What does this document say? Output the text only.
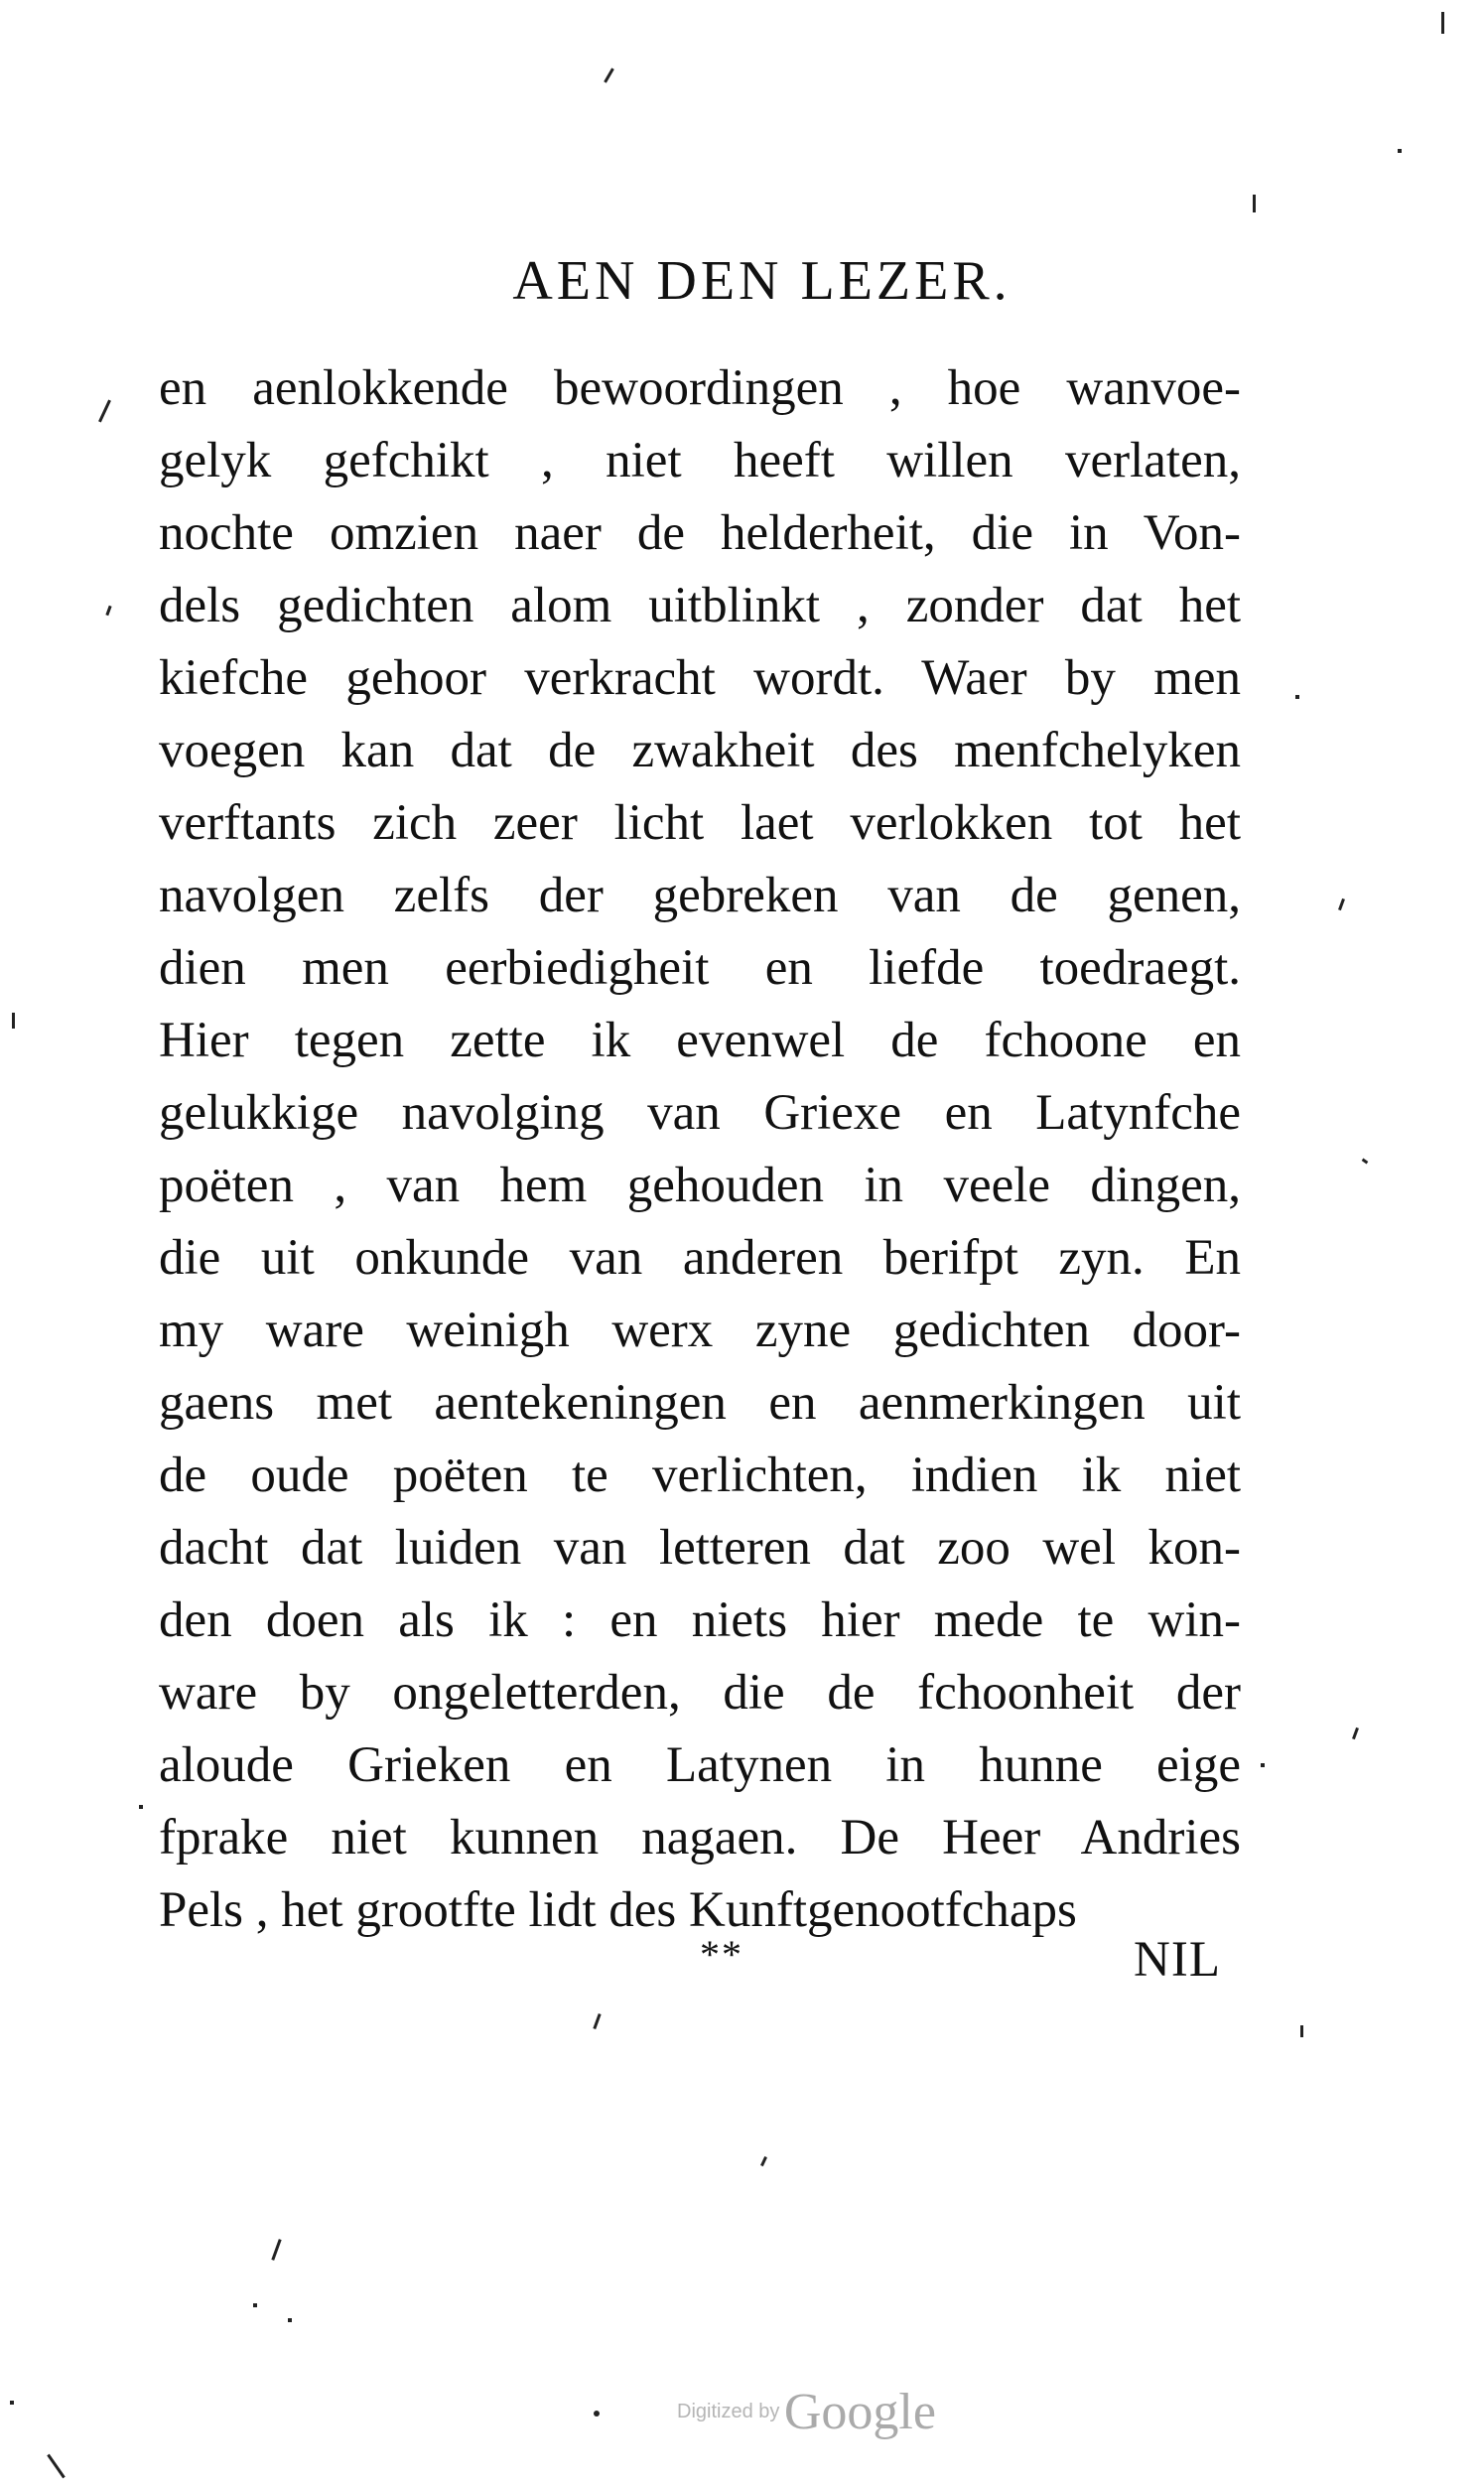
AEN DEN LEZER.
en aenlokkende bewoordingen , hoe wanvoe-
gelyk gefchikt , niet heeft willen verlaten,
nochte omzien naer de helderheit, die in Von-
dels gedichten alom uitblinkt , zonder dat het
kiefche gehoor verkracht wordt. Waer by men
voegen kan dat de zwakheit des menfchelyken
verftants zich zeer licht laet verlokken tot het
navolgen zelfs der gebreken van de genen,
dien men eerbiedigheit en liefde toedraegt.
Hier tegen zette ik evenwel de fchoone en
gelukkige navolging van Griexe en Latynfche
poëten , van hem gehouden in veele dingen,
die uit onkunde van anderen berifpt zyn. En
my ware weinigh werx zyne gedichten door-
gaens met aentekeningen en aenmerkingen uit
de oude poëten te verlichten, indien ik niet
dacht dat luiden van letteren dat zoo wel kon-
den doen als ik : en niets hier mede te win-
ware by ongeletterden, die de fchoonheit der
aloude Grieken en Latynen in hunne eige
fprake niet kunnen nagaen. De Heer Andries
Pels , het grootfte lidt des Kunftgenootfchaps
**	NIL
Digitized by Google
